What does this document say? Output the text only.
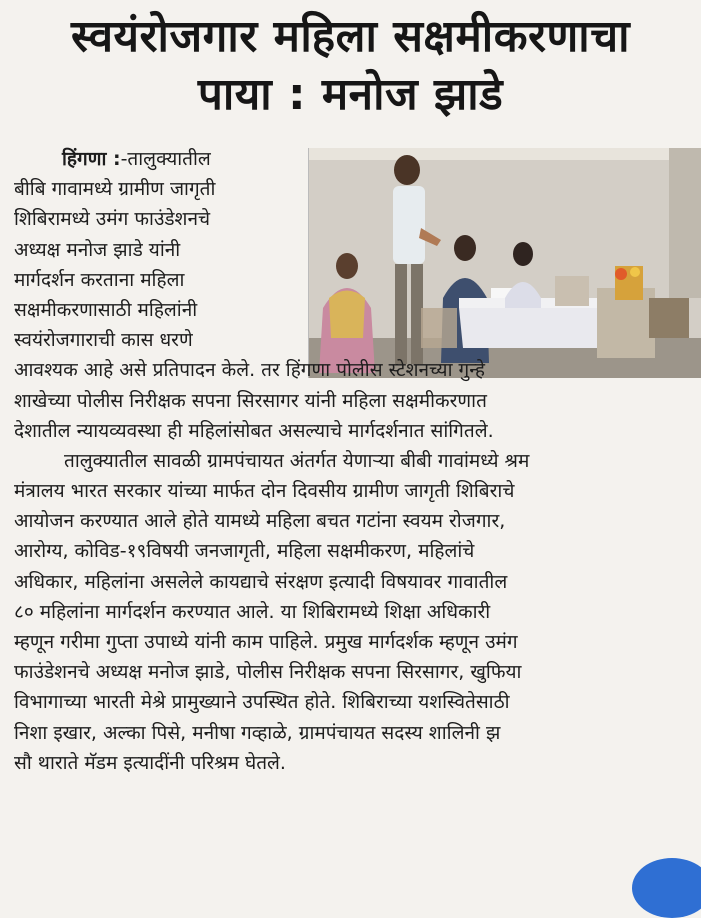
स्वयंरोजगार महिला सक्षमीकरणाचा
पाया : मनोज झाडे
हिंगणा :-तालुक्यातील
बीबि गावामध्ये ग्रामीण जागृती
शिबिरामध्ये उमंग फाउंडेशनचे
अध्यक्ष मनोज झाडे यांनी
मार्गदर्शन करताना महिला
सक्षमीकरणासाठी महिलांनी
स्वयंरोजगाराची कास धरणे
आवश्यक आहे असे प्रतिपादन केले. तर हिंगणा पोलीस स्टेशनच्या गुन्हे
शाखेच्या पोलीस निरीक्षक सपना सिरसागर यांनी महिला सक्षमीकरणात
देशातील न्यायव्यवस्था ही महिलांसोबत असल्याचे मार्गदर्शनात सांगितले.
तालुक्यातील सावळी ग्रामपंचायत अंतर्गत येणाऱ्या बीबी गावांमध्ये श्रम
मंत्रालय भारत सरकार यांच्या मार्फत दोन दिवसीय ग्रामीण जागृती शिबिराचे
आयोजन करण्यात आले होते यामध्ये महिला बचत गटांना स्वयम रोजगार,
आरोग्य, कोविड-१९विषयी जनजागृती, महिला सक्षमीकरण, महिलांचे
अधिकार, महिलांना असलेले कायद्याचे संरक्षण इत्यादी विषयावर गावातील
८० महिलांना मार्गदर्शन करण्यात आले. या शिबिरामध्ये शिक्षा अधिकारी
म्हणून गरीमा गुप्ता उपाध्ये यांनी काम पाहिले. प्रमुख मार्गदर्शक म्हणून उमंग
फाउंडेशनचे अध्यक्ष मनोज झाडे, पोलीस निरीक्षक सपना सिरसागर, खुफिया
विभागाच्या भारती मेश्रे प्रामुख्याने उपस्थित होते. शिबिराच्या यशस्वितेसाठी
निशा इखार, अल्का पिसे, मनीषा गव्हाळे, ग्रामपंचायत सदस्य शालिनी झ
सौ थाराते मॅडम इत्यादींनी परिश्रम घेतले.
